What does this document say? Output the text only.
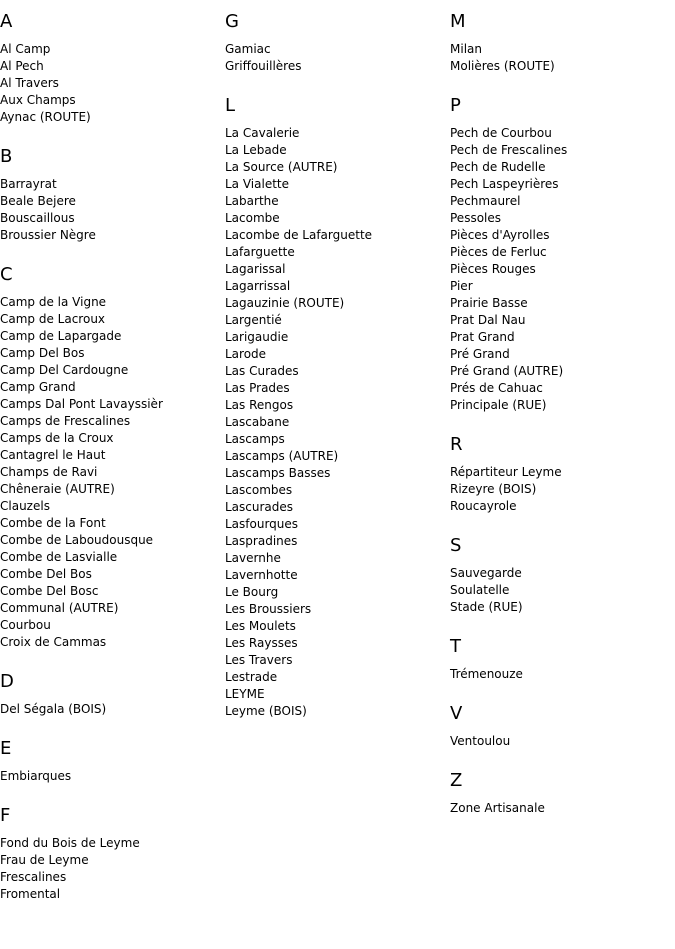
A
Al Camp
Al Pech
Al Travers
Aux Champs
Aynac (ROUTE)
B
Barrayrat
Beale Bejere
Bouscaillous
Broussier Nègre
C
Camp de la Vigne
Camp de Lacroux
Camp de Lapargade
Camp Del Bos
Camp Del Cardougne
Camp Grand
Camps Dal Pont Lavayssièr
Camps de Frescalines
Camps de la Croux
Cantagrel le Haut
Champs de Ravi
Chêneraie (AUTRE)
Clauzels
Combe de la Font
Combe de Laboudousque
Combe de Lasvialle
Combe Del Bos
Combe Del Bosc
Communal (AUTRE)
Courbou
Croix de Cammas
D
Del Ségala (BOIS)
E
Embiarques
F
Fond du Bois de Leyme
Frau de Leyme
Frescalines
Fromental
G
Gamiac
Griffouillères
L
La Cavalerie
La Lebade
La Source (AUTRE)
La Vialette
Labarthe
Lacombe
Lacombe de Lafarguette
Lafarguette
Lagarissal
Lagarrissal
Lagauzinie (ROUTE)
Largentié
Larigaudie
Larode
Las Curades
Las Prades
Las Rengos
Lascabane
Lascamps
Lascamps (AUTRE)
Lascamps Basses
Lascombes
Lascurades
Lasfourques
Laspradines
Lavernhe
Lavernhotte
Le Bourg
Les Broussiers
Les Moulets
Les Raysses
Les Travers
Lestrade
LEYME
Leyme (BOIS)
M
Milan
Molières (ROUTE)
P
Pech de Courbou
Pech de Frescalines
Pech de Rudelle
Pech Laspeyrières
Pechmaurel
Pessoles
Pièces d'Ayrolles
Pièces de Ferluc
Pièces Rouges
Pier
Prairie Basse
Prat Dal Nau
Prat Grand
Pré Grand
Pré Grand (AUTRE)
Prés de Cahuac
Principale (RUE)
R
Répartiteur Leyme
Rizeyre (BOIS)
Roucayrole
S
Sauvegarde
Soulatelle
Stade (RUE)
T
Trémenouze
V
Ventoulou
Z
Zone Artisanale
